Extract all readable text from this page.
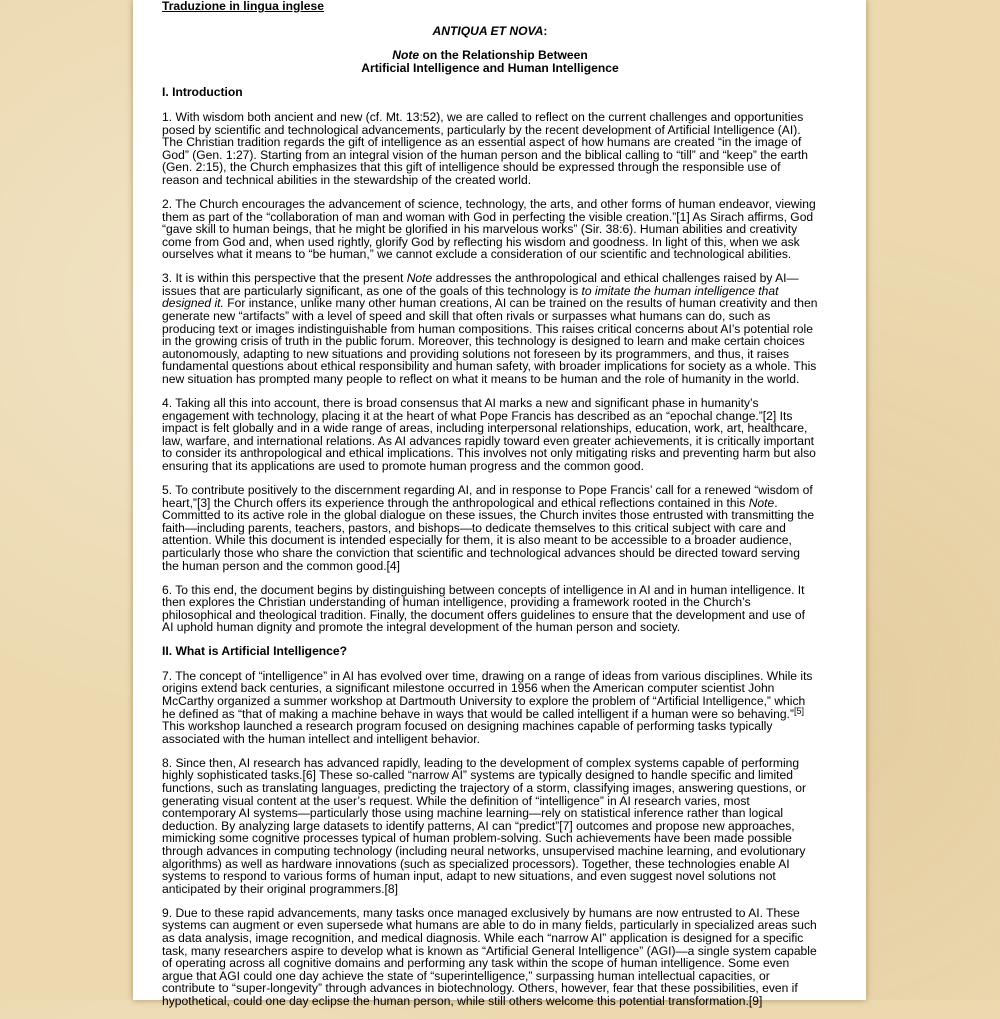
Traduzione in lingua inglese
ANTIQUA ET NOVA:
Note on the Relationship Between
Artificial Intelligence and Human Intelligence
I. Introduction

1. With wisdom both ancient and new (cf. Mt. 13:52), we are called to reflect on the current challenges and opportunities posed by scientific and technological advancements, particularly by the recent development of Artificial Intelligence (AI). The Christian tradition regards the gift of intelligence as an essential aspect of how humans are created “in the image of God” (Gen. 1:27). Starting from an integral vision of the human person and the biblical calling to “till” and “keep” the earth (Gen. 2:15), the Church emphasizes that this gift of intelligence should be expressed through the responsible use of reason and technical abilities in the stewardship of the created world.

2. The Church encourages the advancement of science, technology, the arts, and other forms of human endeavor, viewing them as part of the “collaboration of man and woman with God in perfecting the visible creation.”[1] As Sirach affirms, God “gave skill to human beings, that he might be glorified in his marvelous works” (Sir. 38:6). Human abilities and creativity come from God and, when used rightly, glorify God by reflecting his wisdom and goodness. In light of this, when we ask ourselves what it means to “be human,” we cannot exclude a consideration of our scientific and technological abilities.

3. It is within this perspective that the present Note addresses the anthropological and ethical challenges raised by AI—issues that are particularly significant, as one of the goals of this technology is to imitate the human intelligence that designed it. For instance, unlike many other human creations, AI can be trained on the results of human creativity and then generate new “artifacts” with a level of speed and skill that often rivals or surpasses what humans can do, such as producing text or images indistinguishable from human compositions. This raises critical concerns about AI’s potential role in the growing crisis of truth in the public forum. Moreover, this technology is designed to learn and make certain choices autonomously, adapting to new situations and providing solutions not foreseen by its programmers, and thus, it raises fundamental questions about ethical responsibility and human safety, with broader implications for society as a whole. This new situation has prompted many people to reflect on what it means to be human and the role of humanity in the world.

4. Taking all this into account, there is broad consensus that AI marks a new and significant phase in humanity’s engagement with technology, placing it at the heart of what Pope Francis has described as an “epochal change.”[2] Its impact is felt globally and in a wide range of areas, including interpersonal relationships, education, work, art, healthcare, law, warfare, and international relations. As AI advances rapidly toward even greater achievements, it is critically important to consider its anthropological and ethical implications. This involves not only mitigating risks and preventing harm but also ensuring that its applications are used to promote human progress and the common good.

5. To contribute positively to the discernment regarding AI, and in response to Pope Francis’ call for a renewed “wisdom of heart,”[3] the Church offers its experience through the anthropological and ethical reflections contained in this Note. Committed to its active role in the global dialogue on these issues, the Church invites those entrusted with transmitting the faith—including parents, teachers, pastors, and bishops—to dedicate themselves to this critical subject with care and attention. While this document is intended especially for them, it is also meant to be accessible to a broader audience, particularly those who share the conviction that scientific and technological advances should be directed toward serving the human person and the common good.[4]

6. To this end, the document begins by distinguishing between concepts of intelligence in AI and in human intelligence. It then explores the Christian understanding of human intelligence, providing a framework rooted in the Church’s philosophical and theological tradition. Finally, the document offers guidelines to ensure that the development and use of AI uphold human dignity and promote the integral development of the human person and society.

II. What is Artificial Intelligence?

7. The concept of “intelligence” in AI has evolved over time, drawing on a range of ideas from various disciplines. While its origins extend back centuries, a significant milestone occurred in 1956 when the American computer scientist John McCarthy organized a summer workshop at Dartmouth University to explore the problem of “Artificial Intelligence,” which he defined as “that of making a machine behave in ways that would be called intelligent if a human were so behaving.”[5] This workshop launched a research program focused on designing machines capable of performing tasks typically associated with the human intellect and intelligent behavior.

8. Since then, AI research has advanced rapidly, leading to the development of complex systems capable of performing highly sophisticated tasks.[6] These so-called “narrow AI” systems are typically designed to handle specific and limited functions, such as translating languages, predicting the trajectory of a storm, classifying images, answering questions, or generating visual content at the user’s request. While the definition of “intelligence” in AI research varies, most contemporary AI systems—particularly those using machine learning—rely on statistical inference rather than logical deduction. By analyzing large datasets to identify patterns, AI can “predict”[7] outcomes and propose new approaches, mimicking some cognitive processes typical of human problem-solving. Such achievements have been made possible through advances in computing technology (including neural networks, unsupervised machine learning, and evolutionary algorithms) as well as hardware innovations (such as specialized processors). Together, these technologies enable AI systems to respond to various forms of human input, adapt to new situations, and even suggest novel solutions not anticipated by their original programmers.[8]

9. Due to these rapid advancements, many tasks once managed exclusively by humans are now entrusted to AI. These systems can augment or even supersede what humans are able to do in many fields, particularly in specialized areas such as data analysis, image recognition, and medical diagnosis. While each “narrow AI” application is designed for a specific task, many researchers aspire to develop what is known as “Artificial General Intelligence” (AGI)—a single system capable of operating across all cognitive domains and performing any task within the scope of human intelligence. Some even argue that AGI could one day achieve the state of “superintelligence,” surpassing human intellectual capacities, or contribute to “super-longevity” through advances in biotechnology. Others, however, fear that these possibilities, even if hypothetical, could one day eclipse the human person, while still others welcome this potential transformation.[9]
